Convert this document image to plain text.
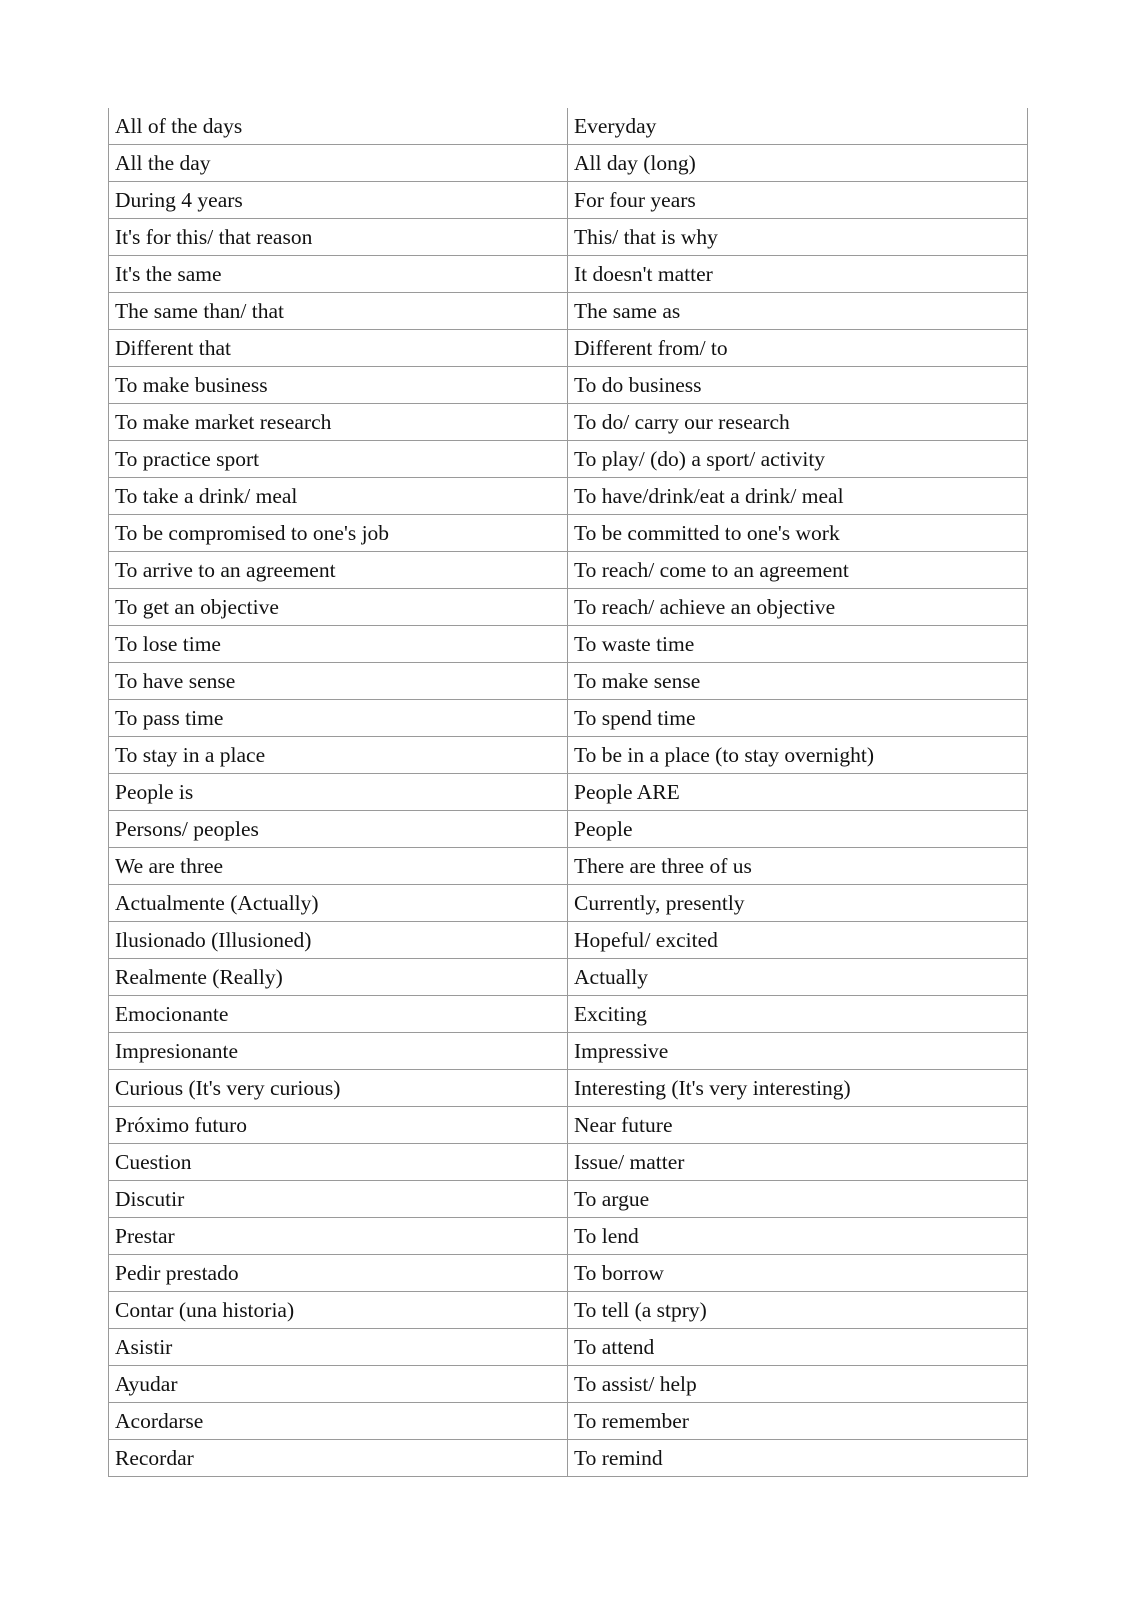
All of the days	Everyday
All the day	All day (long)
During 4 years	For four years
It's for this/ that reason	This/ that is why
It's the same	It doesn't matter
The same than/ that	The same as
Different that	Different from/ to
To make business	To do business
To make market research	To do/ carry our research
To practice sport	To play/ (do) a sport/ activity
To take a drink/ meal	To have/drink/eat a drink/ meal
To be compromised to one's job	To be committed to one's work
To arrive to an agreement	To reach/ come to an agreement
To get an objective	To reach/ achieve an objective
To lose time	To waste time
To have sense	To make sense
To pass time	To spend time
To stay in a place	To be in a place (to stay overnight)
People is	People ARE
Persons/ peoples	People
We are three	There are three of us
Actualmente (Actually)	Currently, presently
Ilusionado (Illusioned)	Hopeful/ excited
Realmente (Really)	Actually
Emocionante	Exciting
Impresionante	Impressive
Curious (It's very curious)	Interesting (It's very interesting)
Próximo futuro	Near future
Cuestion	Issue/ matter
Discutir	To argue
Prestar	To lend
Pedir prestado	To borrow
Contar (una historia)	To tell (a stpry)
Asistir	To attend
Ayudar	To assist/ help
Acordarse	To remember
Recordar	To remind
